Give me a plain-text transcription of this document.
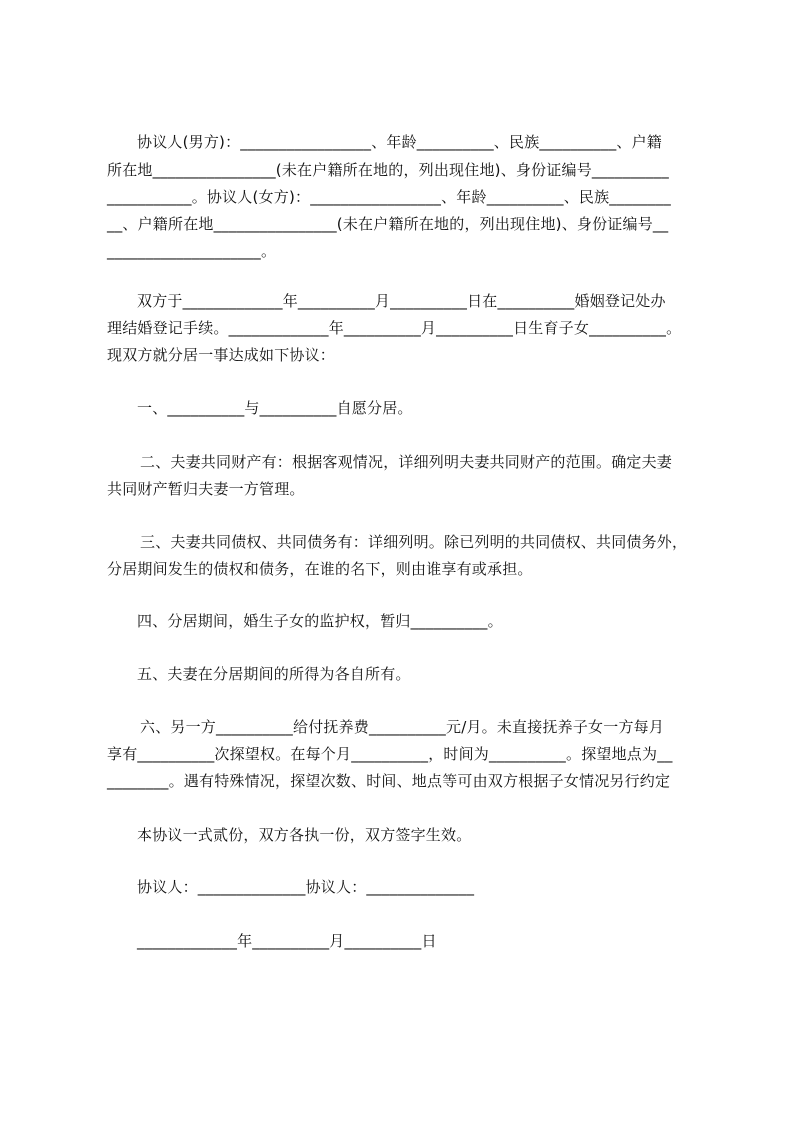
协议人(男方)：_________________、年龄__________、民族__________、户籍
所在地________________(未在户籍所在地的，列出现住地)、身份证编号__________
___________。协议人(女方)：_________________、年龄__________、民族________
__、户籍所在地________________(未在户籍所在地的，列出现住地)、身份证编号__
____________________。
双方于_____________年__________月__________日在__________婚姻登记处办
理结婚登记手续。_____________年__________月__________日生育子女__________。
现双方就分居一事达成如下协议：
一、__________与__________自愿分居。
二、夫妻共同财产有：根据客观情况，详细列明夫妻共同财产的范围。确定夫妻
共同财产暂归夫妻一方管理。
三、夫妻共同债权、共同债务有：详细列明。除已列明的共同债权、共同债务外，
分居期间发生的债权和债务，在谁的名下，则由谁享有或承担。
四、分居期间，婚生子女的监护权，暂归__________。
五、夫妻在分居期间的所得为各自所有。
六、另一方__________给付抚养费__________元/月。未直接抚养子女一方每月
享有__________次探望权。在每个月__________，时间为__________。探望地点为__
________。遇有特殊情况，探望次数、时间、地点等可由双方根据子女情况另行约定
本协议一式贰份，双方各执一份，双方签字生效。
协议人：______________协议人：______________
_____________年__________月__________日
